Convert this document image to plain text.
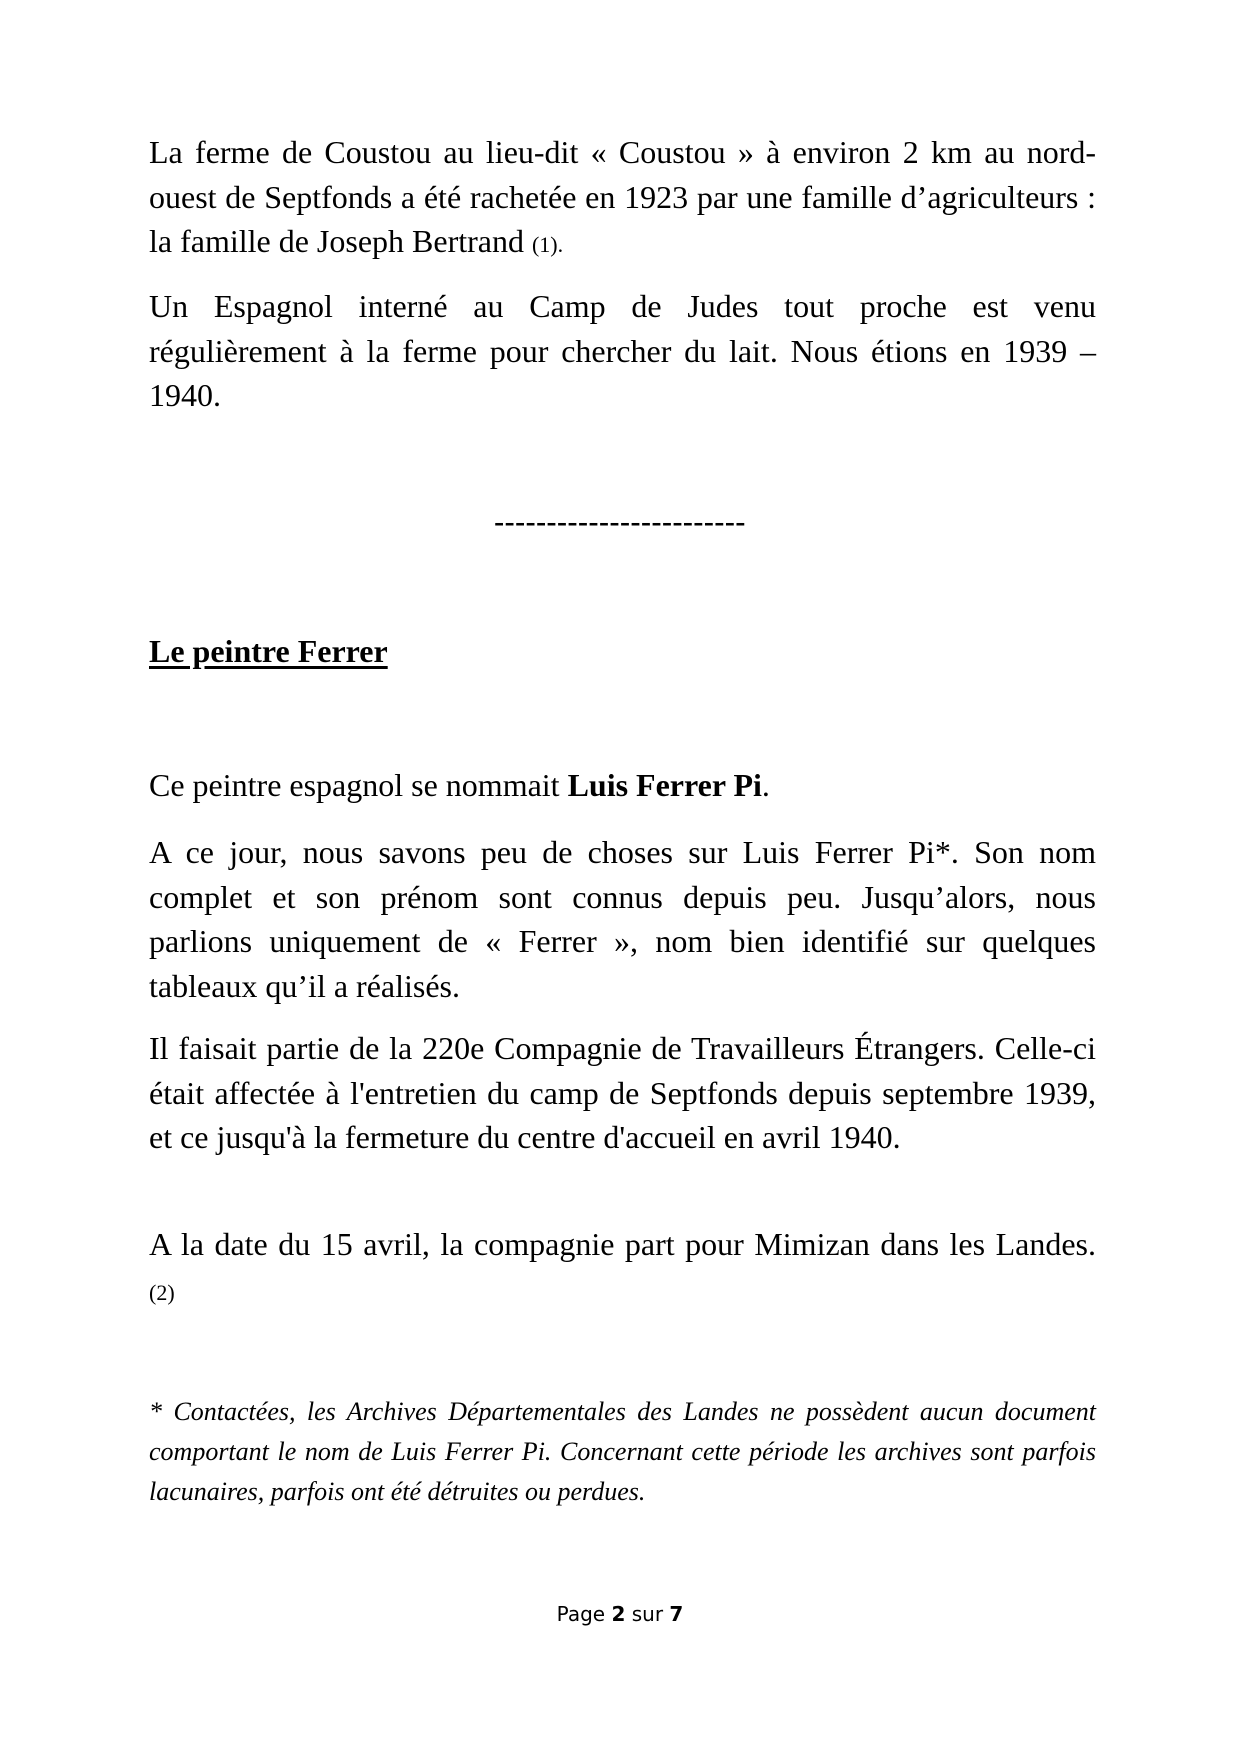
La ferme de Coustou au lieu-dit « Coustou » à environ 2 km au nord-ouest de Septfonds a été rachetée en 1923 par une famille d’agriculteurs : la famille de Joseph Bertrand (1).

Un Espagnol interné au Camp de Judes tout proche est venu régulièrement à la ferme pour chercher du lait. Nous étions en 1939 – 1940.

------------------------

Le peintre Ferrer

Ce peintre espagnol se nommait Luis Ferrer Pi.

A ce jour, nous savons peu de choses sur Luis Ferrer Pi*. Son nom complet et son prénom sont connus depuis peu. Jusqu’alors, nous parlions uniquement de « Ferrer », nom bien identifié sur quelques tableaux qu’il a réalisés.

Il faisait partie de la 220e Compagnie de Travailleurs Étrangers. Celle-ci était affectée à l'entretien du camp de Septfonds depuis septembre 1939, et ce jusqu'à la fermeture du centre d'accueil en avril 1940.

A la date du 15 avril, la compagnie part pour Mimizan dans les Landes. (2)

* Contactées, les Archives Départementales des Landes ne possèdent aucun document comportant le nom de Luis Ferrer Pi. Concernant cette période les archives sont parfois lacunaires, parfois ont été détruites ou perdues.

Page 2 sur 7
